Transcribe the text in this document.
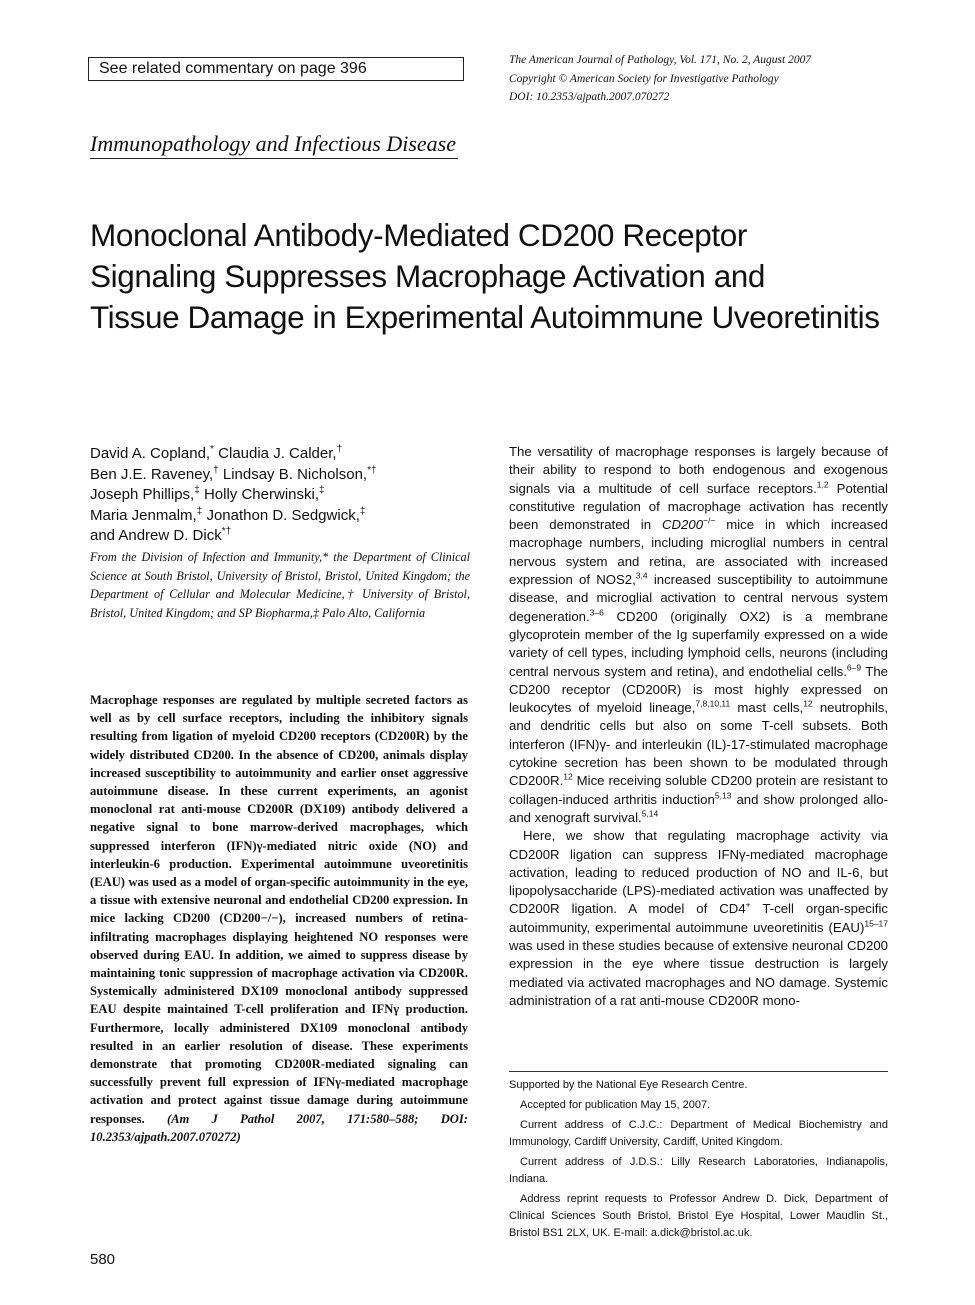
See related commentary on page 396	The American Journal of Pathology, Vol. 171, No. 2, August 2007
Copyright © American Society for Investigative Pathology
DOI: 10.2353/ajpath.2007.070272
Immunopathology and Infectious Disease
Monoclonal Antibody-Mediated CD200 Receptor
Signaling Suppresses Macrophage Activation and
Tissue Damage in Experimental Autoimmune Uveoretinitis
David A. Copland,* Claudia J. Calder,†
Ben J.E. Raveney,† Lindsay B. Nicholson,*†
Joseph Phillips,‡ Holly Cherwinski,‡
Maria Jenmalm,‡ Jonathon D. Sedgwick,‡
and Andrew D. Dick*†
From the Division of Infection and Immunity,* the Department of Clinical Science at South Bristol, University of Bristol, Bristol, United Kingdom; the Department of Cellular and Molecular Medicine,† University of Bristol, Bristol, United Kingdom; and SP Biopharma,‡ Palo Alto, California
Macrophage responses are regulated by multiple secreted factors as well as by cell surface receptors, including the inhibitory signals resulting from ligation of myeloid CD200 receptors (CD200R) by the widely distributed CD200. In the absence of CD200, animals display increased susceptibility to autoimmunity and earlier onset aggressive autoimmune disease. In these current experiments, an agonist monoclonal rat anti-mouse CD200R (DX109) antibody delivered a negative signal to bone marrow-derived macrophages, which suppressed interferon (IFN)γ-mediated nitric oxide (NO) and interleukin-6 production. Experimental autoimmune uveoretinitis (EAU) was used as a model of organ-specific autoimmunity in the eye, a tissue with extensive neuronal and endothelial CD200 expression. In mice lacking CD200 (CD200−/−), increased numbers of retina-infiltrating macrophages displaying heightened NO responses were observed during EAU. In addition, we aimed to suppress disease by maintaining tonic suppression of macrophage activation via CD200R. Systemically administered DX109 monoclonal antibody suppressed EAU despite maintained T-cell proliferation and IFNγ production. Furthermore, locally administered DX109 monoclonal antibody resulted in an earlier resolution of disease. These experiments demonstrate that promoting CD200R-mediated signaling can successfully prevent full expression of IFNγ-mediated macrophage activation and protect against tissue damage during autoimmune responses. (Am J Pathol 2007, 171:580–588; DOI: 10.2353/ajpath.2007.070272)
580

The versatility of macrophage responses is largely because of their ability to respond to both endogenous and exogenous signals via a multitude of cell surface receptors.$^{1,2}$ Potential constitutive regulation of macrophage activation has recently been demonstrated in CD200−/− mice in which increased macrophage numbers, including microglial numbers in central nervous system and retina, are associated with increased expression of NOS2,$^{3,4}$ increased susceptibility to autoimmune disease, and microglial activation to central nervous system degeneration.$^{3-6}$ CD200 (originally OX2) is a membrane glycoprotein member of the Ig superfamily expressed on a wide variety of cell types, including lymphoid cells, neurons (including central nervous system and retina), and endothelial cells.$^{6-9}$ The CD200 receptor (CD200R) is most highly expressed on leukocytes of myeloid lineage,$^{7,8,10,11}$ mast cells,$^{12}$ neutrophils, and dendritic cells but also on some T-cell subsets. Both interferon (IFN)γ- and interleukin (IL)-17-stimulated macrophage cytokine secretion has been shown to be modulated through CD200R.$^{12}$ Mice receiving soluble CD200 protein are resistant to collagen-induced arthritis induction$^{5,13}$ and show prolonged allo- and xenograft survival.$^{5,14}$

Here, we show that regulating macrophage activity via CD200R ligation can suppress IFNγ-mediated macrophage activation, leading to reduced production of NO and IL-6, but lipopolysaccharide (LPS)-mediated activation was unaffected by CD200R ligation. A model of CD4+ T-cell organ-specific autoimmunity, experimental autoimmune uveoretinitis (EAU)$^{15-17}$ was used in these studies because of extensive neuronal CD200 expression in the eye where tissue destruction is largely mediated via activated macrophages and NO damage. Systemic administration of a rat anti-mouse CD200R mono-

Supported by the National Eye Research Centre.

Accepted for publication May 15, 2007.

Current address of C.J.C.: Department of Medical Biochemistry and Immunology, Cardiff University, Cardiff, United Kingdom.

Current address of J.D.S.: Lilly Research Laboratories, Indianapolis, Indiana.

Address reprint requests to Professor Andrew D. Dick, Department of Clinical Sciences South Bristol, Bristol Eye Hospital, Lower Maudlin St., Bristol BS1 2LX, UK. E-mail: a.dick@bristol.ac.uk.
